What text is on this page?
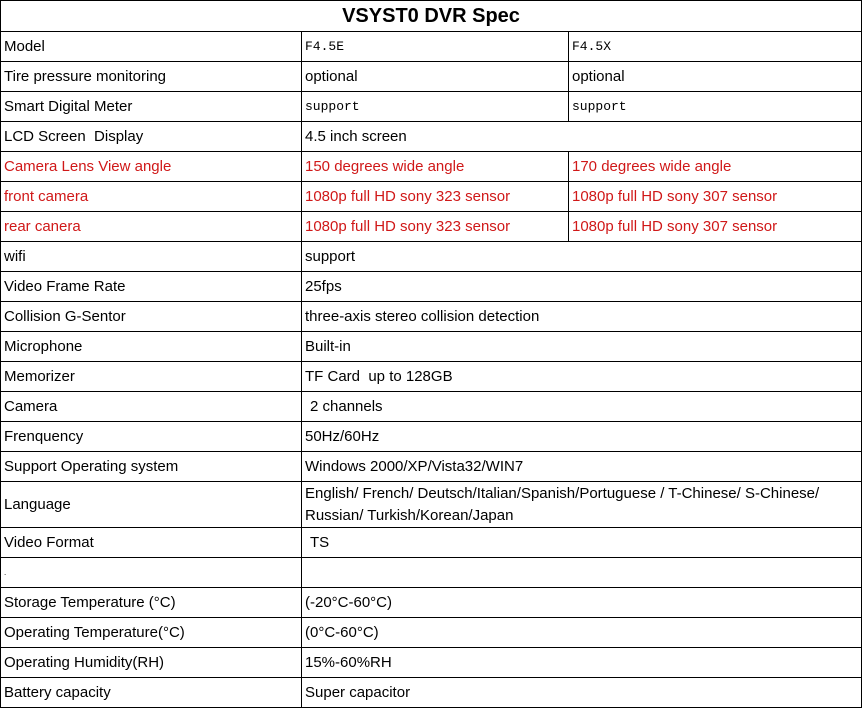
VSYST0 DVR Spec		
Model	F4.5E	F4.5X
Tire pressure monitoring	optional	optional
Smart Digital Meter	support	support
LCD Screen  Display	4.5 inch screen	
Camera Lens View angle	150 degrees wide angle	170 degrees wide angle
front camera	1080p full HD sony 323 sensor	1080p full HD sony 307 sensor
rear canera	1080p full HD sony 323 sensor	1080p full HD sony 307 sensor
wifi	support	
Video Frame Rate	25fps	
Collision G-Sentor	three-axis stereo collision detection	
Microphone	Built-in	
Memorizer	TF Card  up to 128GB	
Camera	2 channels	
Frenquency	50Hz/60Hz	
Support Operating system	Windows 2000/XP/Vista32/WIN7	
Language	English/ French/ Deutsch/Italian/Spanish/Portuguese / T-Chinese/ S-Chinese/ Russian/ Turkish/Korean/Japan	
Video Format	TS	
.		
Storage Temperature (°C)	(-20°C-60°C)	
Operating Temperature(°C)	(0°C-60°C)	
Operating Humidity(RH)	15%-60%RH	
Battery capacity	Super capacitor	
